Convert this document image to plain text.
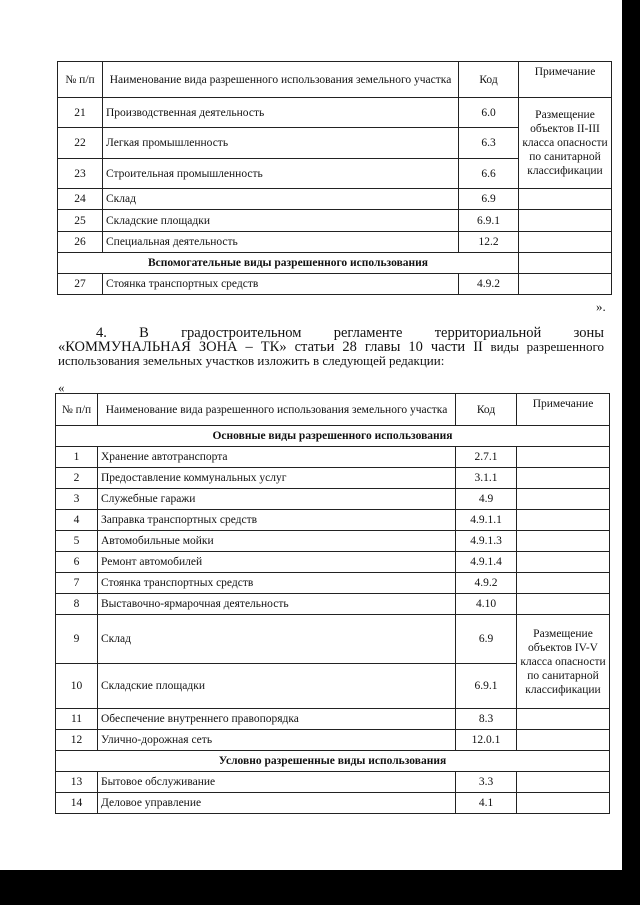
№ п/п	Наименование вида разрешенного использования земельного участка	Код	Примечание
21	Производственная деятельность	6.0	Размещение объектов II-III класса опасности по санитарной классификации
22	Легкая промышленность	6.3	
23	Строительная промышленность	6.6	
24	Склад	6.9	
25	Складские площадки	6.9.1	
26	Специальная деятельность	12.2	
Вспомогательные виды разрешенного использования			
27	Стоянка транспортных средств	4.9.2	
».
4. В градостроительном регламенте территориальной зоны
«КОММУНАЛЬНАЯ ЗОНА – ТК» статьи 28 главы 10 части II виды разрешенного использования земельных участков изложить в следующей редакции:
«
№ п/п	Наименование вида разрешенного использования земельного участка	Код	Примечание
Основные виды разрешенного использования			
1	Хранение автотранспорта	2.7.1	
2	Предоставление коммунальных услуг	3.1.1	
3	Служебные гаражи	4.9	
4	Заправка транспортных средств	4.9.1.1	
5	Автомобильные мойки	4.9.1.3	
6	Ремонт автомобилей	4.9.1.4	
7	Стоянка транспортных средств	4.9.2	
8	Выставочно-ярмарочная деятельность	4.10	
9	Склад	6.9	Размещение объектов IV-V класса опасности по санитарной классификации
10	Складские площадки	6.9.1	
11	Обеспечение внутреннего правопорядка	8.3	
12	Улично-дорожная сеть	12.0.1	
Условно разрешенные виды использования			
13	Бытовое обслуживание	3.3	
14	Деловое управление	4.1	
